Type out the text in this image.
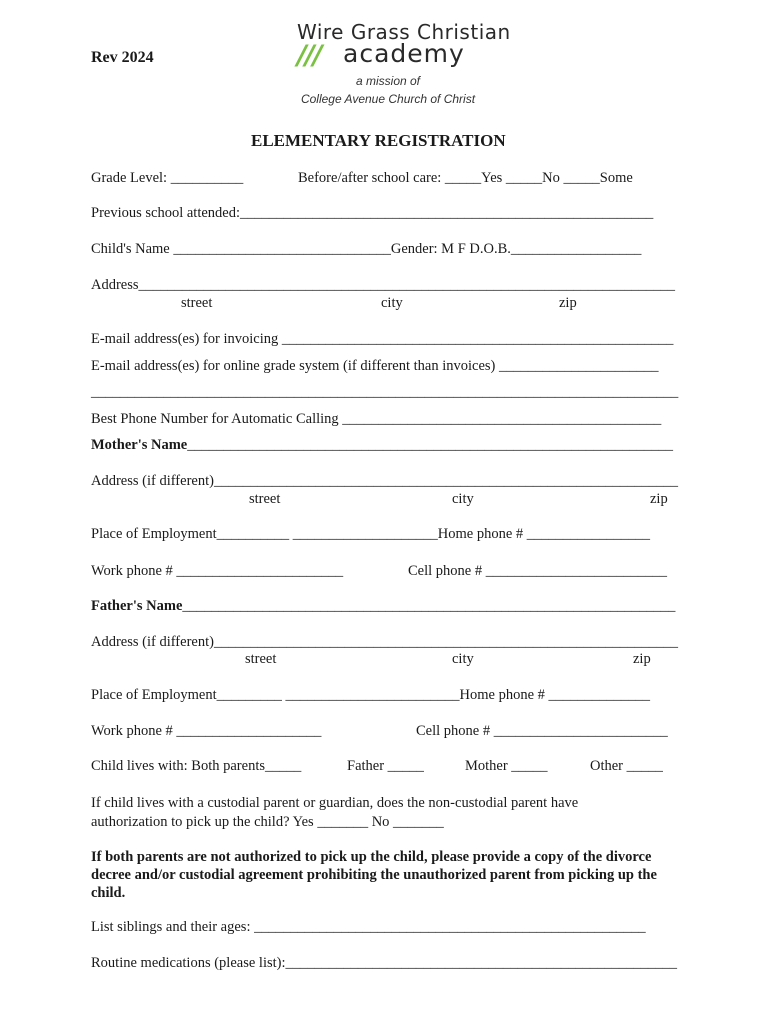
Rev 2024
Wire Grass Christian
/// academy
a mission of
College Avenue Church of Christ
ELEMENTARY REGISTRATION
Grade Level: __________	Before/after school care: _____Yes _____No _____Some
Previous school attended:_________________________________________________________
Child's Name ______________________________Gender: M F D.O.B.__________________
Address__________________________________________________________________________
street	city	zip
E-mail address(es) for invoicing ______________________________________________________
E-mail address(es) for online grade system (if different than invoices) ______________________
_________________________________________________________________________________
Best Phone Number for Automatic Calling ____________________________________________
Mother's Name___________________________________________________________________
Address (if different)________________________________________________________________
street	city	zip
Place of Employment__________ ____________________Home phone # _________________
Work phone # _______________________	Cell phone # _________________________
Father's Name____________________________________________________________________
Address (if different)________________________________________________________________
street	city	zip
Place of Employment_________ ________________________Home phone # ______________
Work phone # ____________________	Cell phone # ________________________
Child lives with: Both parents_____	Father _____	Mother _____	Other _____
If child lives with a custodial parent or guardian, does the non-custodial parent have authorization to pick up the child? Yes _______ No _______
If both parents are not authorized to pick up the child, please provide a copy of the divorce decree and/or custodial agreement prohibiting the unauthorized parent from picking up the child.
List siblings and their ages: ______________________________________________________
Routine medications (please list):______________________________________________________
